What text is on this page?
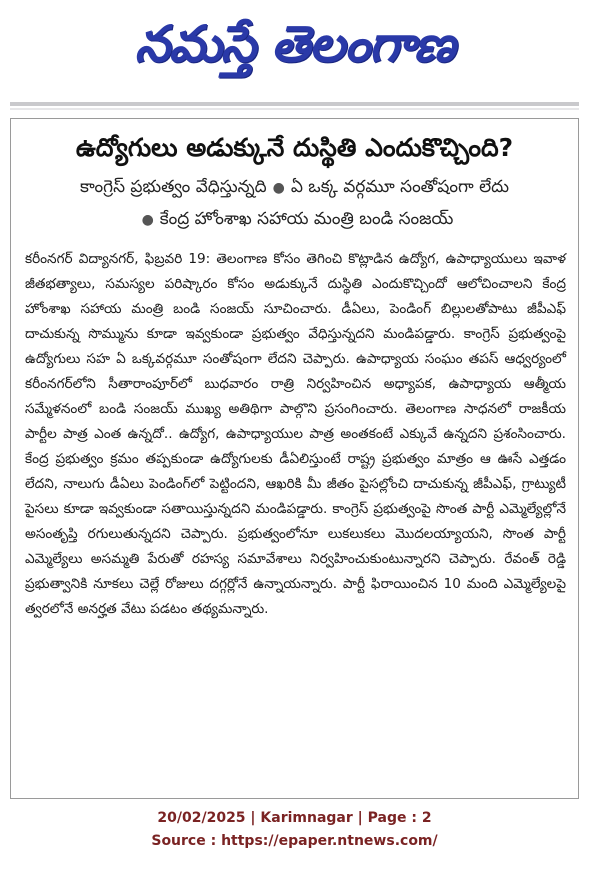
నమస్తే తెలంగాణ
ఉద్యోగులు అడుక్కునే దుస్థితి ఎందుకొచ్చింది?
కాంగ్రెస్ ప్రభుత్వం వేధిస్తున్నది ● ఏ ఒక్క వర్గమూ సంతోషంగా లేదు
● కేంద్ర హోంశాఖ సహాయ మంత్రి బండి సంజయ్
కరీంనగర్ విద్యానగర్, ఫిబ్రవరి 19: తెలంగాణ కోసం తెగించి కొట్లాడిన ఉద్యోగ, ఉపాధ్యాయులు ఇవాళ జీతభత్యాలు, సమస్యల పరిష్కారం కోసం అడుక్కునే దుస్థితి ఎందుకొచ్చిందో ఆలోచించాలని కేంద్ర హోంశాఖ సహాయ మంత్రి బండి సంజయ్ సూచించారు. డీఏలు, పెండింగ్ బిల్లులతోపాటు జీపీఎఫ్ దాచుకున్న సొమ్మును కూడా ఇవ్వకుండా ప్రభుత్వం వేధిస్తున్నదని మండిపడ్డారు. కాంగ్రెస్ ప్రభుత్వంపై ఉద్యోగులు సహ ఏ ఒక్కవర్గమూ సంతోషంగా లేదని చెప్పారు. ఉపాధ్యాయ సంఘం తపస్ ఆధ్వర్యంలో కరీంనగర్‌లోని సీతారాంపూర్‌లో బుధవారం రాత్రి నిర్వహించిన అధ్యాపక, ఉపాధ్యాయ ఆత్మీయ సమ్మేళనంలో బండి సంజయ్ ముఖ్య అతిథిగా పాల్గొని ప్రసంగించారు. తెలంగాణ సాధనలో రాజకీయ పార్టీల పాత్ర ఎంత ఉన్నదో.. ఉద్యోగ, ఉపాధ్యాయుల పాత్ర అంతకంటే ఎక్కువే ఉన్నదని ప్రశంసించారు. కేంద్ర ప్రభుత్వం క్రమం తప్పకుండా ఉద్యోగులకు డీఏలిస్తుంటే రాష్ట్ర ప్రభుత్వం మాత్రం ఆ ఊసే ఎత్తడం లేదని, నాలుగు డీఏలు పెండింగ్‌లో పెట్టిందని, ఆఖరికి మీ జీతం పైసల్లోంచి దాచుకున్న జీపీఎఫ్, గ్రాట్యుటీ పైసలు కూడా ఇవ్వకుండా సతాయిస్తున్నదని మండిపడ్డారు. కాంగ్రెస్ ప్రభుత్వంపై సొంత పార్టీ ఎమ్మెల్యేల్లోనే అసంతృప్తి రగులుతున్నదని చెప్పారు. ప్రభుత్వంలోనూ లుకలుకలు మొదలయ్యాయని, సొంత పార్టీ ఎమ్మెల్యేలు అసమ్మతి పేరుతో రహస్య సమావేశాలు నిర్వహించుకుంటున్నారని చెప్పారు. రేవంత్ రెడ్డి ప్రభుత్వానికి నూకలు చెల్లే రోజులు దగ్గర్లోనే ఉన్నాయన్నారు. పార్టీ ఫిరాయించిన 10 మంది ఎమ్మెల్యేలపై త్వరలోనే అనర్హత వేటు పడటం తథ్యమన్నారు.
20/02/2025 | Karimnagar | Page : 2
Source : https://epaper.ntnews.com/
